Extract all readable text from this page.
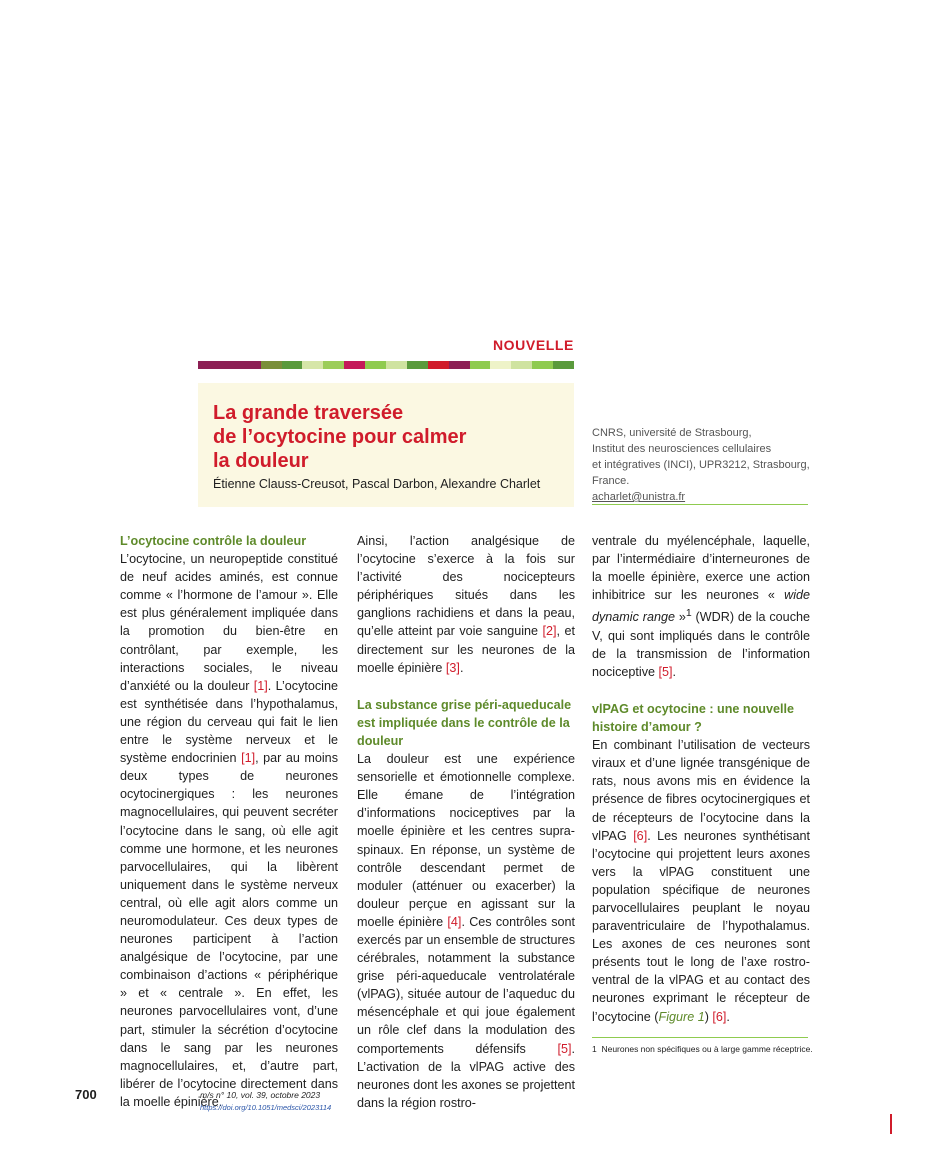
NOUVELLE
La grande traversée
de l’ocytocine pour calmer
la douleur
Étienne Clauss-Creusot, Pascal Darbon, Alexandre Charlet
CNRS, université de Strasbourg,
Institut des neurosciences cellulaires
et intégratives (INCI), UPR3212, Strasbourg,
France.
acharlet@unistra.fr
L’ocytocine contrôle la douleur

L’ocytocine, un neuropeptide constitué de neuf acides aminés, est connue comme « l’hormone de l’amour ». Elle est plus généralement impliquée dans la promotion du bien-être en contrôlant, par exemple, les interactions sociales, le niveau d’anxiété ou la douleur [1]. L’ocytocine est synthétisée dans l’hypothalamus, une région du cerveau qui fait le lien entre le système nerveux et le système endocrinien [1], par au moins deux types de neurones ocytocinergiques : les neurones magnocellulaires, qui peuvent secréter l’ocytocine dans le sang, où elle agit comme une hormone, et les neurones parvocellulaires, qui la libèrent uniquement dans le système nerveux central, où elle agit alors comme un neuromodulateur. Ces deux types de neurones participent à l’action analgésique de l’ocytocine, par une combinaison d’actions « périphérique » et « centrale ». En effet, les neurones parvocellulaires vont, d’une part, stimuler la sécrétion d’ocytocine dans le sang par les neurones magnocellulaires, et, d’autre part, libérer de l’ocytocine directement dans la moelle épinière.

Ainsi, l’action analgésique de l’ocytocine s’exerce à la fois sur l’activité des nocicepteurs périphériques situés dans les ganglions rachidiens et dans la peau, qu’elle atteint par voie sanguine [2], et directement sur les neurones de la moelle épinière [3].

La substance grise péri-aqueducale est impliquée dans le contrôle de la douleur

La douleur est une expérience sensorielle et émotionnelle complexe. Elle émane de l’intégration d’informations nociceptives par la moelle épinière et les centres supra-spinaux. En réponse, un système de contrôle descendant permet de moduler (atténuer ou exacerber) la douleur perçue en agissant sur la moelle épinière [4]. Ces contrôles sont exercés par un ensemble de structures cérébrales, notamment la substance grise péri-aqueducale ventrolatérale (vlPAG), située autour de l’aqueduc du mésencéphale et qui joue également un rôle clef dans la modulation des comportements défensifs [5]. L’activation de la vlPAG active des neurones dont les axones se projettent dans la région rostro-

ventrale du myélencéphale, laquelle, par l’intermédiaire d’interneurones de la moelle épinière, exerce une action inhibitrice sur les neurones « wide dynamic range »$^1$ (WDR) de la couche V, qui sont impliqués dans le contrôle de la transmission de l’information nociceptive [5].

vlPAG et ocytocine : une nouvelle histoire d’amour ?

En combinant l’utilisation de vecteurs viraux et d’une lignée transgénique de rats, nous avons mis en évidence la présence de fibres ocytocinergiques et de récepteurs de l’ocytocine dans la vlPAG [6]. Les neurones synthétisant l’ocytocine qui projettent leurs axones vers la vlPAG constituent une population spécifique de neurones parvocellulaires peuplant le noyau paraventriculaire de l’hypothalamus. Les axones de ces neurones sont présents tout le long de l’axe rostro-ventral de la vlPAG et au contact des neurones exprimant le récepteur de l’ocytocine (Figure 1) [6].

1 Neurones non spécifiques ou à large gamme réceptrice.
700	m/s n° 10, vol. 39, octobre 2023
https://doi.org/10.1051/medsci/2023114
